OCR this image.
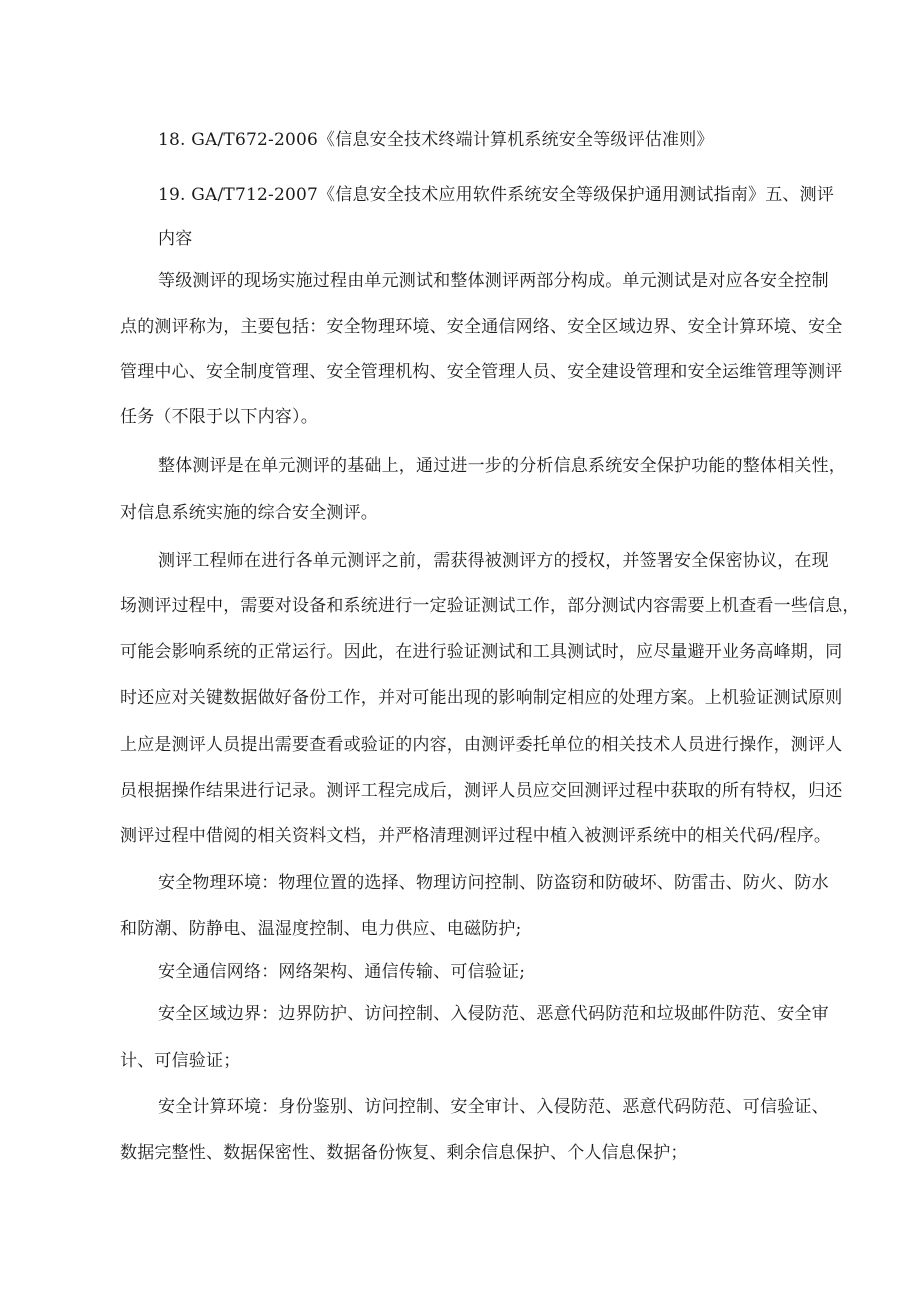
18. GA/T672-2006《信息安全技术终端计算机系统安全等级评估准则》
19. GA/T712-2007《信息安全技术应用软件系统安全等级保护通用测试指南》五、测评
内容
等级测评的现场实施过程由单元测试和整体测评两部分构成。单元测试是对应各安全控制
点的测评称为，主要包括：安全物理环境、安全通信网络、安全区域边界、安全计算环境、安全
管理中心、安全制度管理、安全管理机构、安全管理人员、安全建设管理和安全运维管理等测评
任务（不限于以下内容）。
整体测评是在单元测评的基础上，通过进一步的分析信息系统安全保护功能的整体相关性，
对信息系统实施的综合安全测评。
测评工程师在进行各单元测评之前，需获得被测评方的授权，并签署安全保密协议，在现
场测评过程中，需要对设备和系统进行一定验证测试工作，部分测试内容需要上机查看一些信息，
可能会影响系统的正常运行。因此，在进行验证测试和工具测试时，应尽量避开业务高峰期，同
时还应对关键数据做好备份工作，并对可能出现的影响制定相应的处理方案。上机验证测试原则
上应是测评人员提出需要查看或验证的内容，由测评委托单位的相关技术人员进行操作，测评人
员根据操作结果进行记录。测评工程完成后，测评人员应交回测评过程中获取的所有特权，归还
测评过程中借阅的相关资料文档，并严格清理测评过程中植入被测评系统中的相关代码/程序。
安全物理环境：物理位置的选择、物理访问控制、防盗窃和防破坏、防雷击、防火、防水
和防潮、防静电、温湿度控制、电力供应、电磁防护;
安全通信网络：网络架构、通信传输、可信验证;
安全区域边界：边界防护、访问控制、入侵防范、恶意代码防范和垃圾邮件防范、安全审
计、可信验证；
安全计算环境：身份鉴别、访问控制、安全审计、入侵防范、恶意代码防范、可信验证、
数据完整性、数据保密性、数据备份恢复、剩余信息保护、个人信息保护；
